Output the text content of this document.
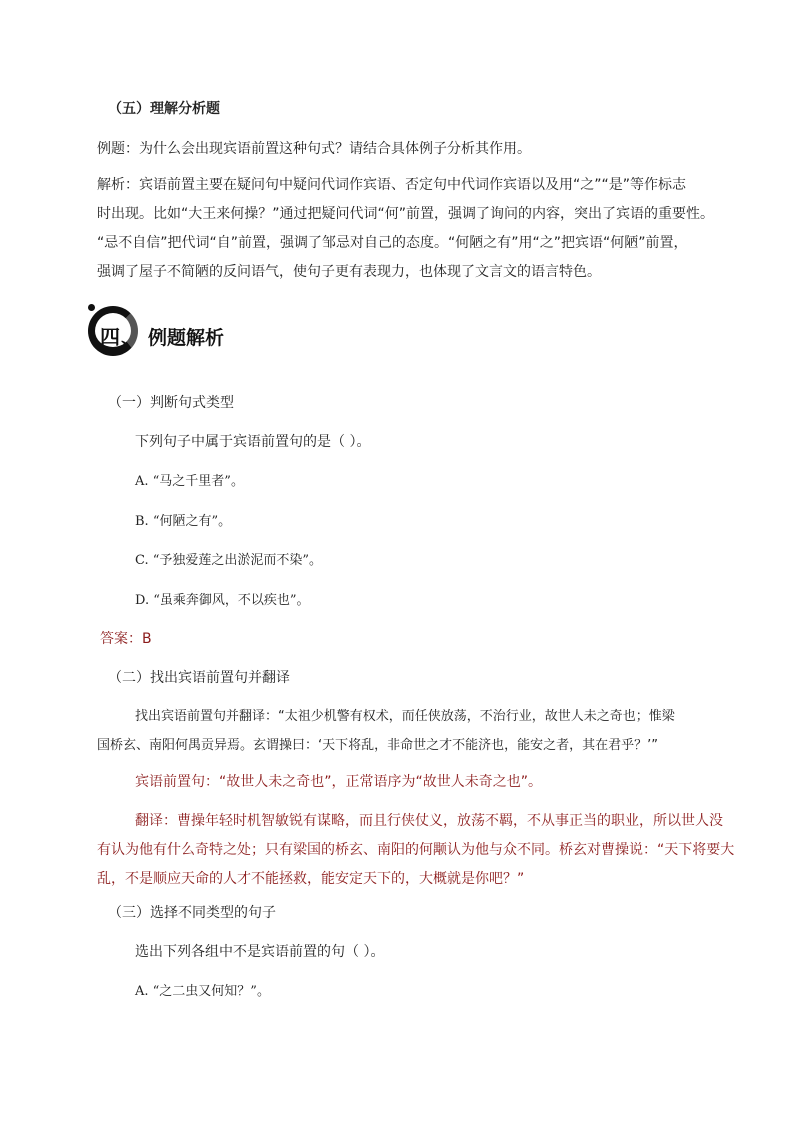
（五）理解分析题
例题：为什么会出现宾语前置这种句式？请结合具体例子分析其作用。
解析：宾语前置主要在疑问句中疑问代词作宾语、否定句中代词作宾语以及用“之”“是”等作标志
时出现。比如“大王来何操？”通过把疑问代词“何”前置，强调了询问的内容，突出了宾语的重要性。
“忌不自信”把代词“自”前置，强调了邹忌对自己的态度。“何陋之有”用“之”把宾语“何陋”前置，
强调了屋子不简陋的反问语气，使句子更有表现力，也体现了文言文的语言特色。
四、 例题解析
（一）判断句式类型
下列句子中属于宾语前置句的是（ ）。
A. “马之千里者”。
B. “何陋之有”。
C. “予独爱莲之出淤泥而不染”。
D. “虽乘奔御风，不以疾也”。
答案：B
（二）找出宾语前置句并翻译
找出宾语前置句并翻译：“太祖少机警有权术，而任侠放荡，不治行业，故世人未之奇也；惟梁
国桥玄、南阳何禺贡异焉。玄谓操曰：‘天下将乱，非命世之才不能济也，能安之者，其在君乎？’”
宾语前置句：“故世人未之奇也”，正常语序为“故世人未奇之也”。
翻译：曹操年轻时机智敏锐有谋略，而且行侠仗义，放荡不羁，不从事正当的职业，所以世人没
有认为他有什么奇特之处；只有梁国的桥玄、南阳的何颙认为他与众不同。桥玄对曹操说：“天下将要大
乱，不是顺应天命的人才不能拯救，能安定天下的，大概就是你吧？”
（三）选择不同类型的句子
选出下列各组中不是宾语前置的句（ ）。
A. “之二虫又何知？”。
